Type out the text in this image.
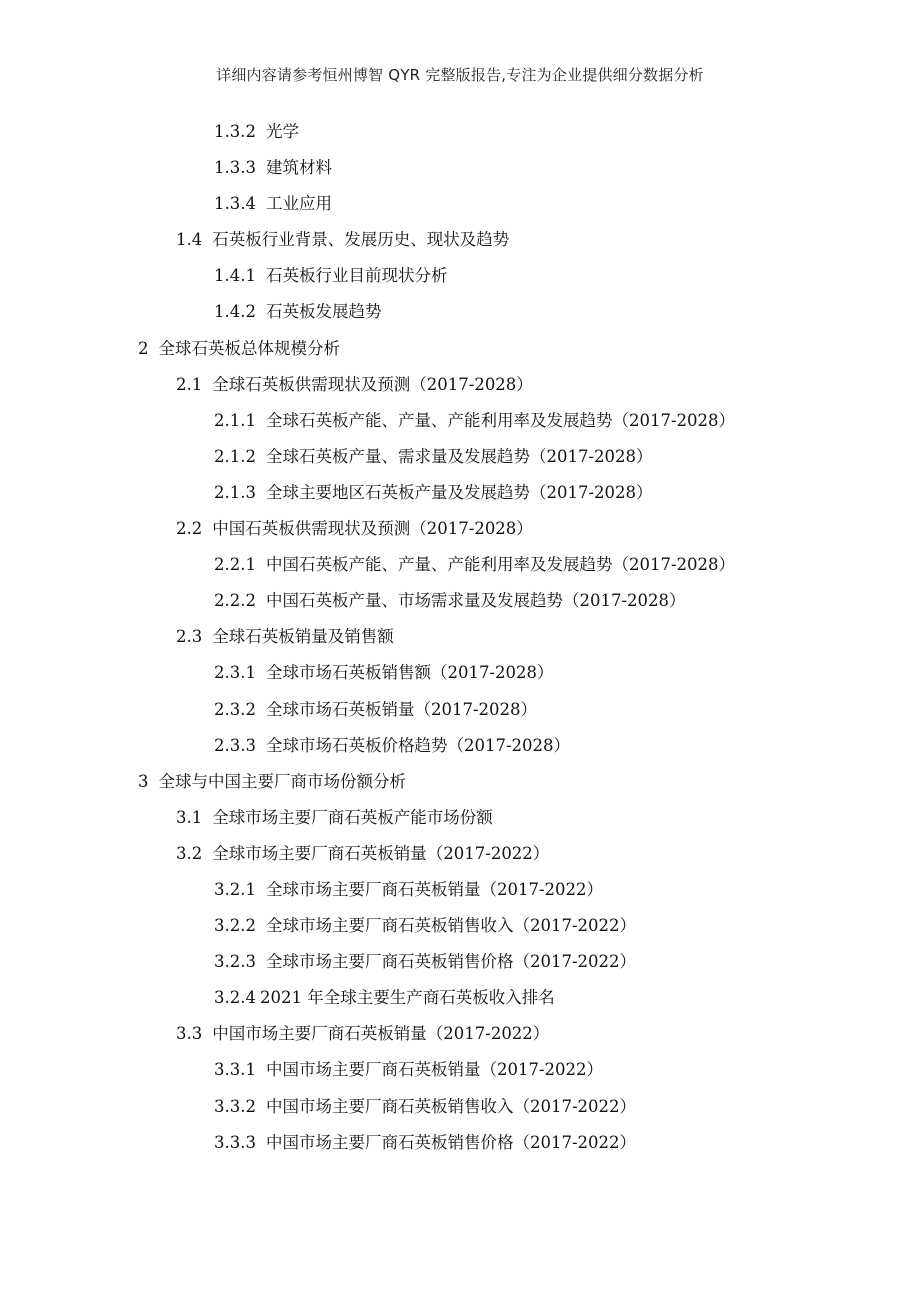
详细内容请参考恒州博智 QYR 完整版报告,专注为企业提供细分数据分析
1.3.2 光学
1.3.3 建筑材料
1.3.4 工业应用
1.4 石英板行业背景、发展历史、现状及趋势
1.4.1 石英板行业目前现状分析
1.4.2 石英板发展趋势
2 全球石英板总体规模分析
2.1 全球石英板供需现状及预测（2017-2028）
2.1.1 全球石英板产能、产量、产能利用率及发展趋势（2017-2028）
2.1.2 全球石英板产量、需求量及发展趋势（2017-2028）
2.1.3 全球主要地区石英板产量及发展趋势（2017-2028）
2.2 中国石英板供需现状及预测（2017-2028）
2.2.1 中国石英板产能、产量、产能利用率及发展趋势（2017-2028）
2.2.2 中国石英板产量、市场需求量及发展趋势（2017-2028）
2.3 全球石英板销量及销售额
2.3.1 全球市场石英板销售额（2017-2028）
2.3.2 全球市场石英板销量（2017-2028）
2.3.3 全球市场石英板价格趋势（2017-2028）
3 全球与中国主要厂商市场份额分析
3.1 全球市场主要厂商石英板产能市场份额
3.2 全球市场主要厂商石英板销量（2017-2022）
3.2.1 全球市场主要厂商石英板销量（2017-2022）
3.2.2 全球市场主要厂商石英板销售收入（2017-2022）
3.2.3 全球市场主要厂商石英板销售价格（2017-2022）
3.2.4 2021 年全球主要生产商石英板收入排名
3.3 中国市场主要厂商石英板销量（2017-2022）
3.3.1 中国市场主要厂商石英板销量（2017-2022）
3.3.2 中国市场主要厂商石英板销售收入（2017-2022）
3.3.3 中国市场主要厂商石英板销售价格（2017-2022）
